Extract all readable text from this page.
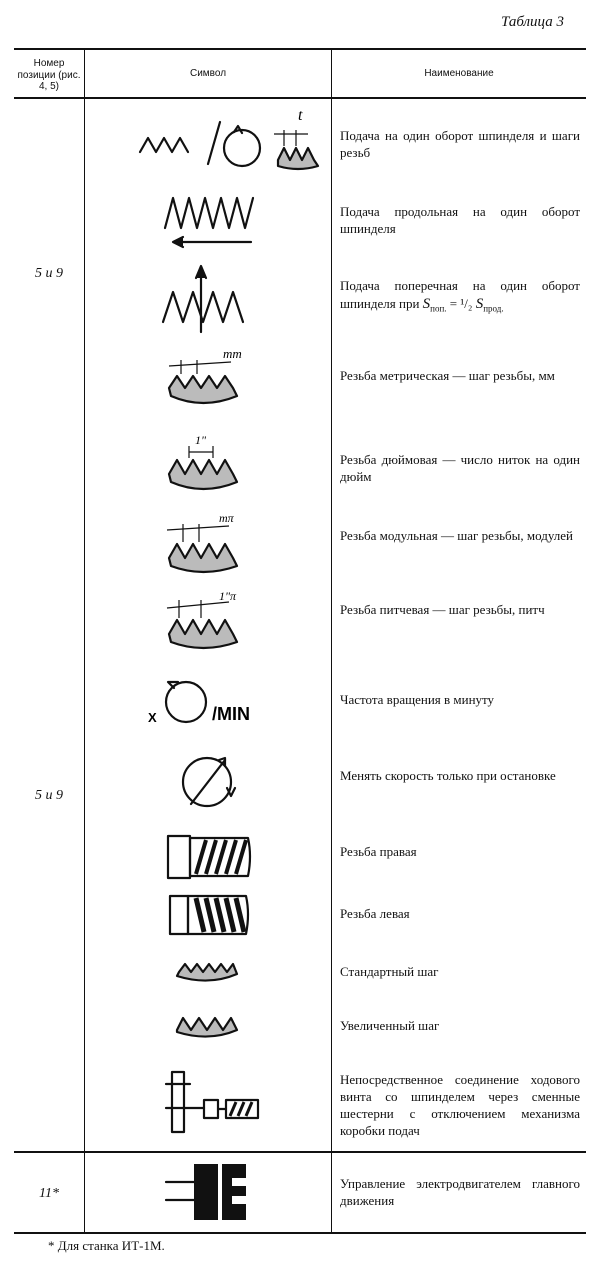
Таблица 3
Номер позиции (рис. 4, 5)
Символ	Наименование
5 и 9
5 и 9
11*
t
Подача на один оборот шпинделя и шаги резьб
Подача продольная на один оборот шпинделя
Подача поперечная на один оборот шпинделя при $S_{поп.} = ^1/_2$ $S_{прод.}$
mm
Резьба метрическая — шаг резьбы, мм
1"
Резьба дюймовая — число ниток на один дюйм
mπ
Резьба модульная — шаг резьбы, модулей
1"π
Резьба питчевая — шаг резьбы, питч
X	/MIN
Частота вращения в минуту
Менять скорость только при остановке
Резьба правая
Резьба левая
Стандартный шаг
Увеличенный шаг
Непосредственное соединение ходового винта со шпинделем через сменные шестерни с отключением механизма коробки подач
Управление электродвигателем главного движения
* Для станка ИТ-1М.
